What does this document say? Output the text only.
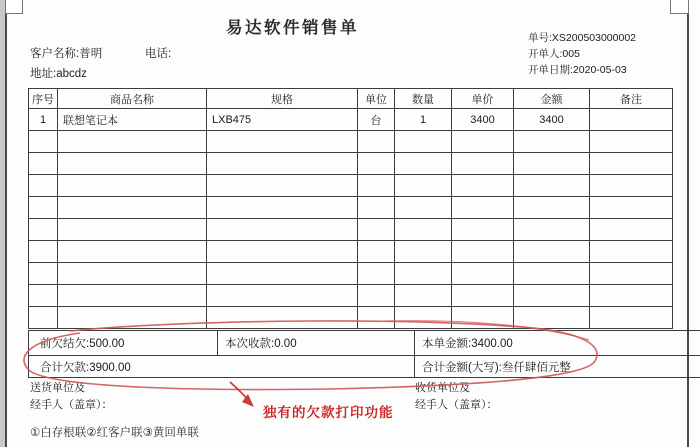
易达软件销售单
单号:XS200503000002
开单人:005
开单日期:2020-05-03
客户名称:普明	电话:
地址:abcdz
序号	商品名称	规格	单位	数量	单价	金额	备注
1	联想笔记本	LXB475	台	1	3400	3400	

前欠结欠:500.00	本次收款:0.00	本单金额:3400.00
合计欠款:3900.00		合计金额(大写):叁仟肆佰元整
送货单位及
经手人（盖章）：
收货单位及
经手人（盖章）：
独有的欠款打印功能
①白存根联②红客户联③黄回单联
